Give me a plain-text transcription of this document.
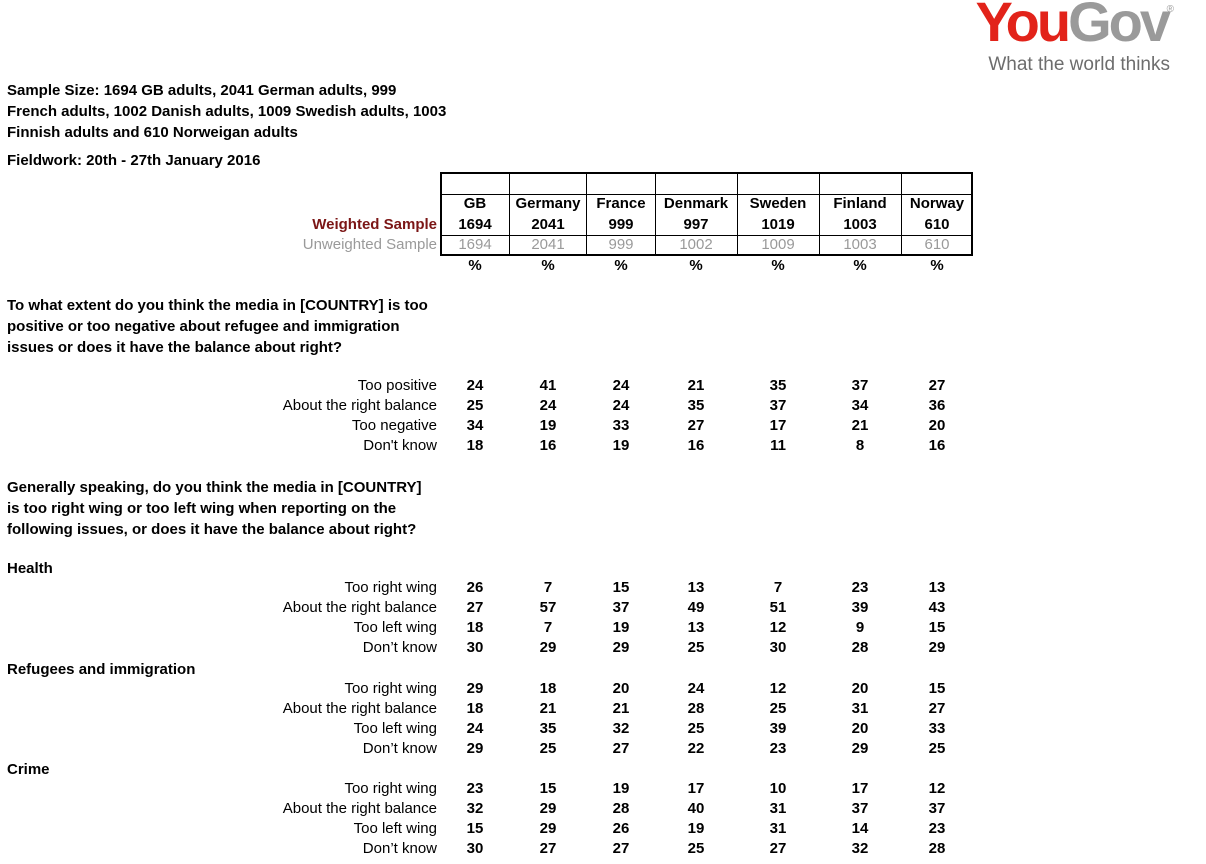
YouGov
®
What the world thinks
Sample Size: 1694 GB adults, 2041 German adults, 999 French adults, 1002 Danish adults, 1009 Swedish adults, 1003 Finnish adults and 610 Norweigan adults
Fieldwork: 20th - 27th January 2016
GB	Germany	France	Denmark	Sweden	Finland	Norway
Weighted Sample	1694	2041	999	997	1019	1003	610
Unweighted Sample	1694	2041	999	1002	1009	1003	610
%	%	%	%	%	%	%
To what extent do you think the media in [COUNTRY] is too positive or too negative about refugee and immigration issues or does it have the balance about right?
Too positive	24	41	24	21	35	37	27
About the right balance	25	24	24	35	37	34	36
Too negative	34	19	33	27	17	21	20
Don't know	18	16	19	16	11	8	16
Generally speaking, do you think the media in [COUNTRY] is too right wing or too left wing when reporting on the following issues, or does it have the balance about right?
Health
Too right wing	26	7	15	13	7	23	13
About the right balance	27	57	37	49	51	39	43
Too left wing	18	7	19	13	12	9	15
Don’t know	30	29	29	25	30	28	29
Refugees and immigration
Too right wing	29	18	20	24	12	20	15
About the right balance	18	21	21	28	25	31	27
Too left wing	24	35	32	25	39	20	33
Don’t know	29	25	27	22	23	29	25
Crime
Too right wing	23	15	19	17	10	17	12
About the right balance	32	29	28	40	31	37	37
Too left wing	15	29	26	19	31	14	23
Don’t know	30	27	27	25	27	32	28
